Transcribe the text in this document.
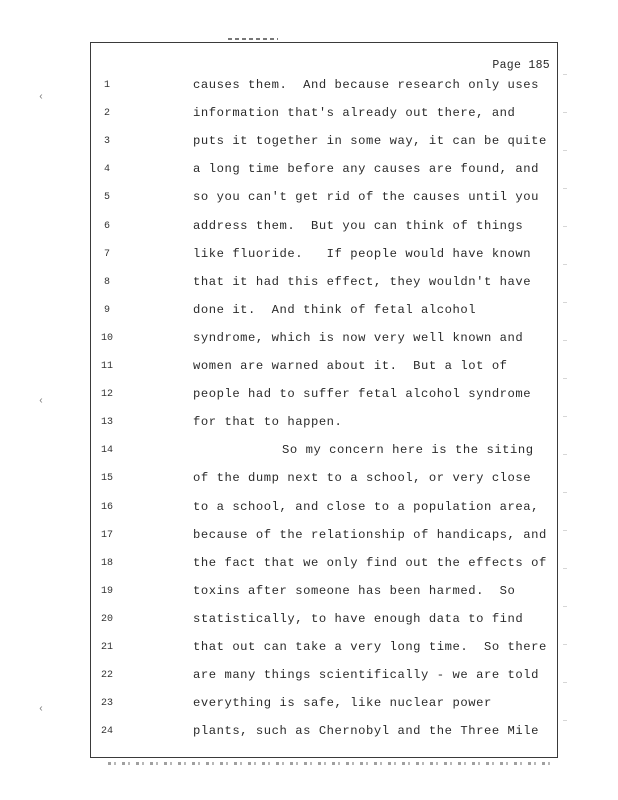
Page 185
‹
‹
‹
1	causes them.  And because research only uses
2	information that's already out there, and
3	puts it together in some way, it can be quite
4	a long time before any causes are found, and
5	so you can't get rid of the causes until you
6	address them.  But you can think of things
7	like fluoride.   If people would have known
8	that it had this effect, they wouldn't have
9	done it.  And think of fetal alcohol
10	syndrome, which is now very well known and
11	women are warned about it.  But a lot of
12	people had to suffer fetal alcohol syndrome
13	for that to happen.
14	So my concern here is the siting
15	of the dump next to a school, or very close
16	to a school, and close to a population area,
17	because of the relationship of handicaps, and
18	the fact that we only find out the effects of
19	toxins after someone has been harmed.  So
20	statistically, to have enough data to find
21	that out can take a very long time.  So there
22	are many things scientifically - we are told
23	everything is safe, like nuclear power
24	plants, such as Chernobyl and the Three Mile
